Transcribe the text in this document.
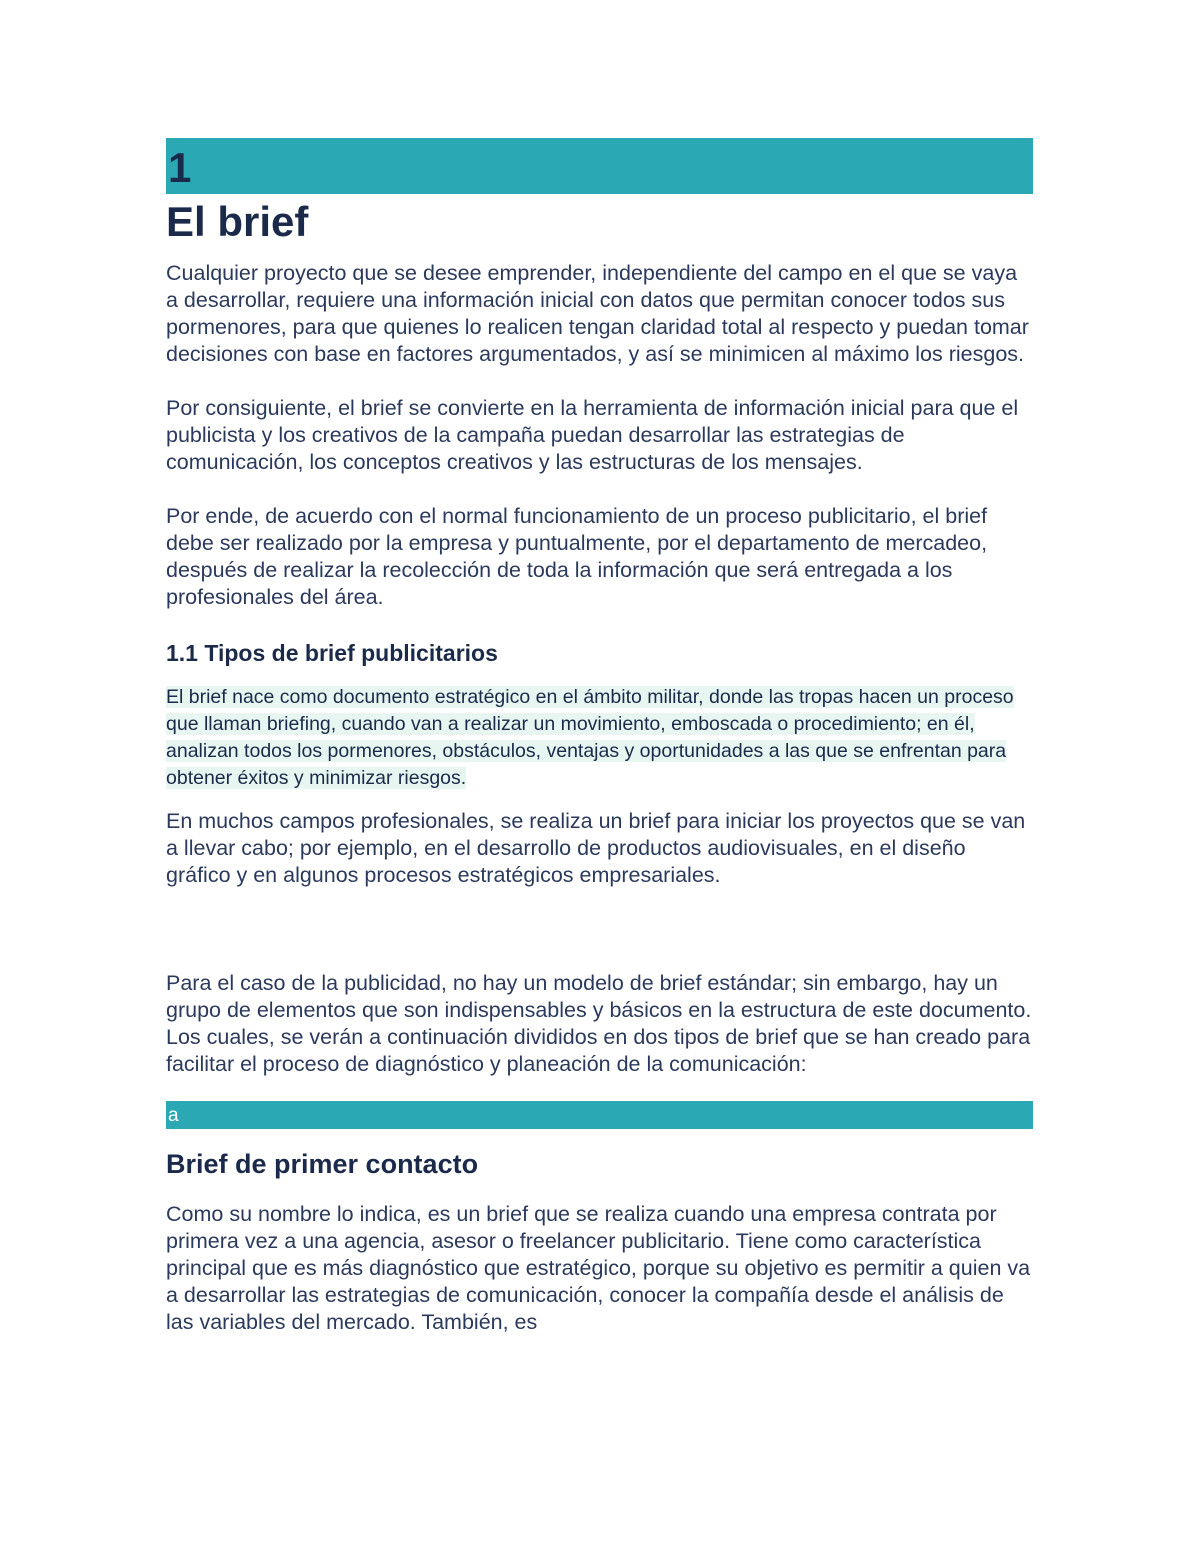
1
El brief

Cualquier proyecto que se desee emprender, independiente del campo en el que se vaya a desarrollar, requiere una información inicial con datos que permitan conocer todos sus pormenores, para que quienes lo realicen tengan claridad total al respecto y puedan tomar decisiones con base en factores argumentados, y así se minimicen al máximo los riesgos.

Por consiguiente, el brief se convierte en la herramienta de información inicial para que el publicista y los creativos de la campaña puedan desarrollar las estrategias de comunicación, los conceptos creativos y las estructuras de los mensajes.

Por ende, de acuerdo con el normal funcionamiento de un proceso publicitario, el brief debe ser realizado por la empresa y puntualmente, por el departamento de mercadeo, después de realizar la recolección de toda la información que será entregada a los profesionales del área.

1.1 Tipos de brief publicitarios

El brief nace como documento estratégico en el ámbito militar, donde las tropas hacen un proceso que llaman briefing, cuando van a realizar un movimiento, emboscada o procedimiento; en él, analizan todos los pormenores, obstáculos, ventajas y oportunidades a las que se enfrentan para obtener éxitos y minimizar riesgos.

En muchos campos profesionales, se realiza un brief para iniciar los proyectos que se van a llevar cabo; por ejemplo, en el desarrollo de productos audiovisuales, en el diseño gráfico y en algunos procesos estratégicos empresariales.

Para el caso de la publicidad, no hay un modelo de brief estándar; sin embargo, hay un grupo de elementos que son indispensables y básicos en la estructura de este documento. Los cuales, se verán a continuación divididos en dos tipos de brief que se han creado para facilitar el proceso de diagnóstico y planeación de la comunicación:

a
Brief de primer contacto

Como su nombre lo indica, es un brief que se realiza cuando una empresa contrata por primera vez a una agencia, asesor o freelancer publicitario. Tiene como característica principal que es más diagnóstico que estratégico, porque su objetivo es permitir a quien va a desarrollar las estrategias de comunicación, conocer la compañía desde el análisis de las variables del mercado. También, es
